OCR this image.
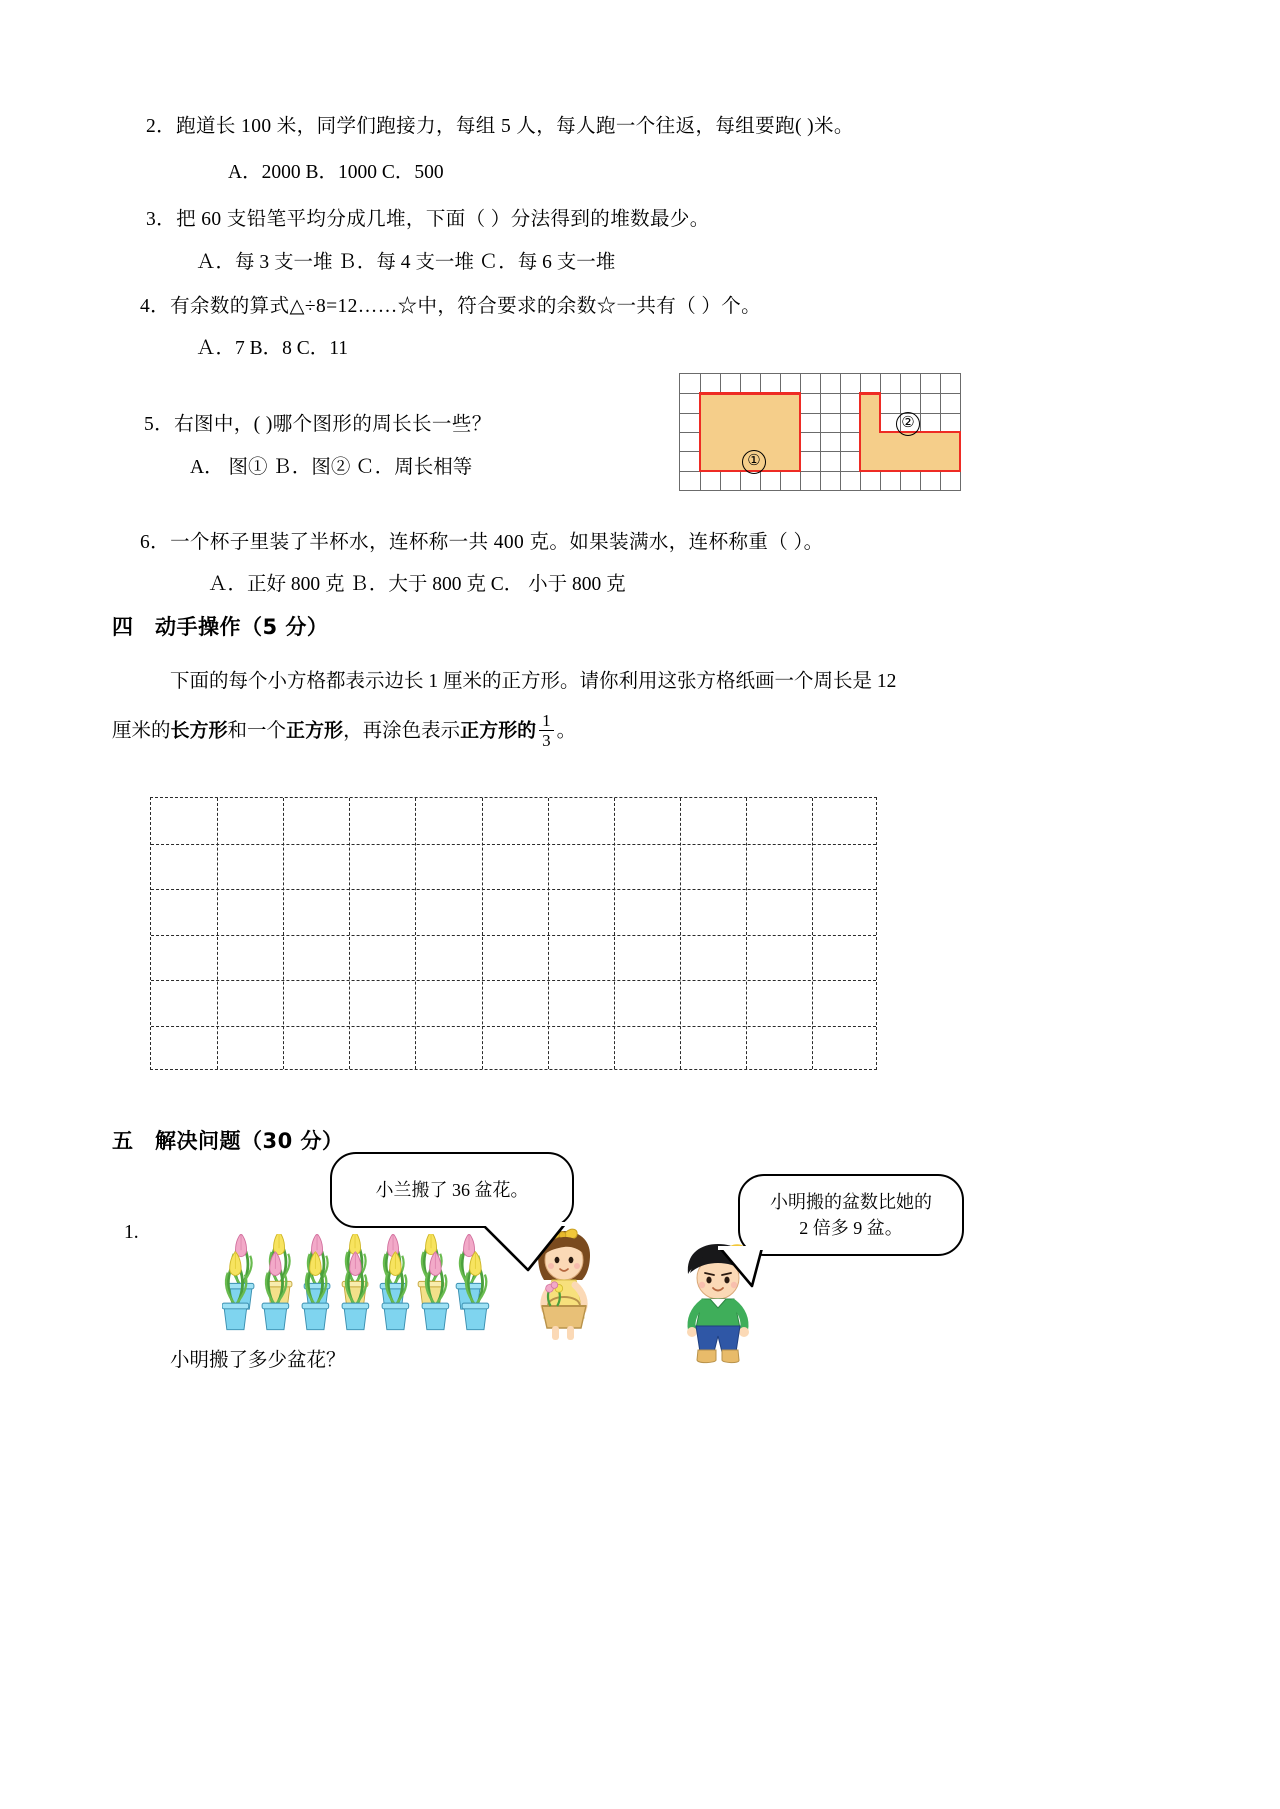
2．跑道长 100 米，同学们跑接力，每组 5 人，每人跑一个往返，每组要跑( )米。
A．2000 B．1000 C．500
3．把 60 支铅笔平均分成几堆，下面（ ）分法得到的堆数最少。
Ａ．每 3 支一堆 Ｂ．每 4 支一堆 Ｃ．每 6 支一堆
4．有余数的算式△÷8=12……☆中，符合要求的余数☆一共有（ ）个。
Ａ．7 B．8 C．11
5．右图中，( )哪个图形的周长长一些？
A． 图① Ｂ．图② Ｃ．周长相等	①
②
6．一个杯子里装了半杯水，连杯称一共 400 克。如果装满水，连杯称重（ ）。
Ａ．正好 800 克 Ｂ．大于 800 克 C． 小于 800 克
四　动手操作（5 分）
下面的每个小方格都表示边长 1 厘米的正方形。请你利用这张方格纸画一个周长是 12
厘米的长方形和一个正方形，再涂色表示正方形的 $\frac{1}{3}$ 。
五　解决问题（30 分）
1.
小兰搬了 36 盆花。
小明搬的盆数比她的
2 倍多 9 盆。
小明搬了多少盆花？
